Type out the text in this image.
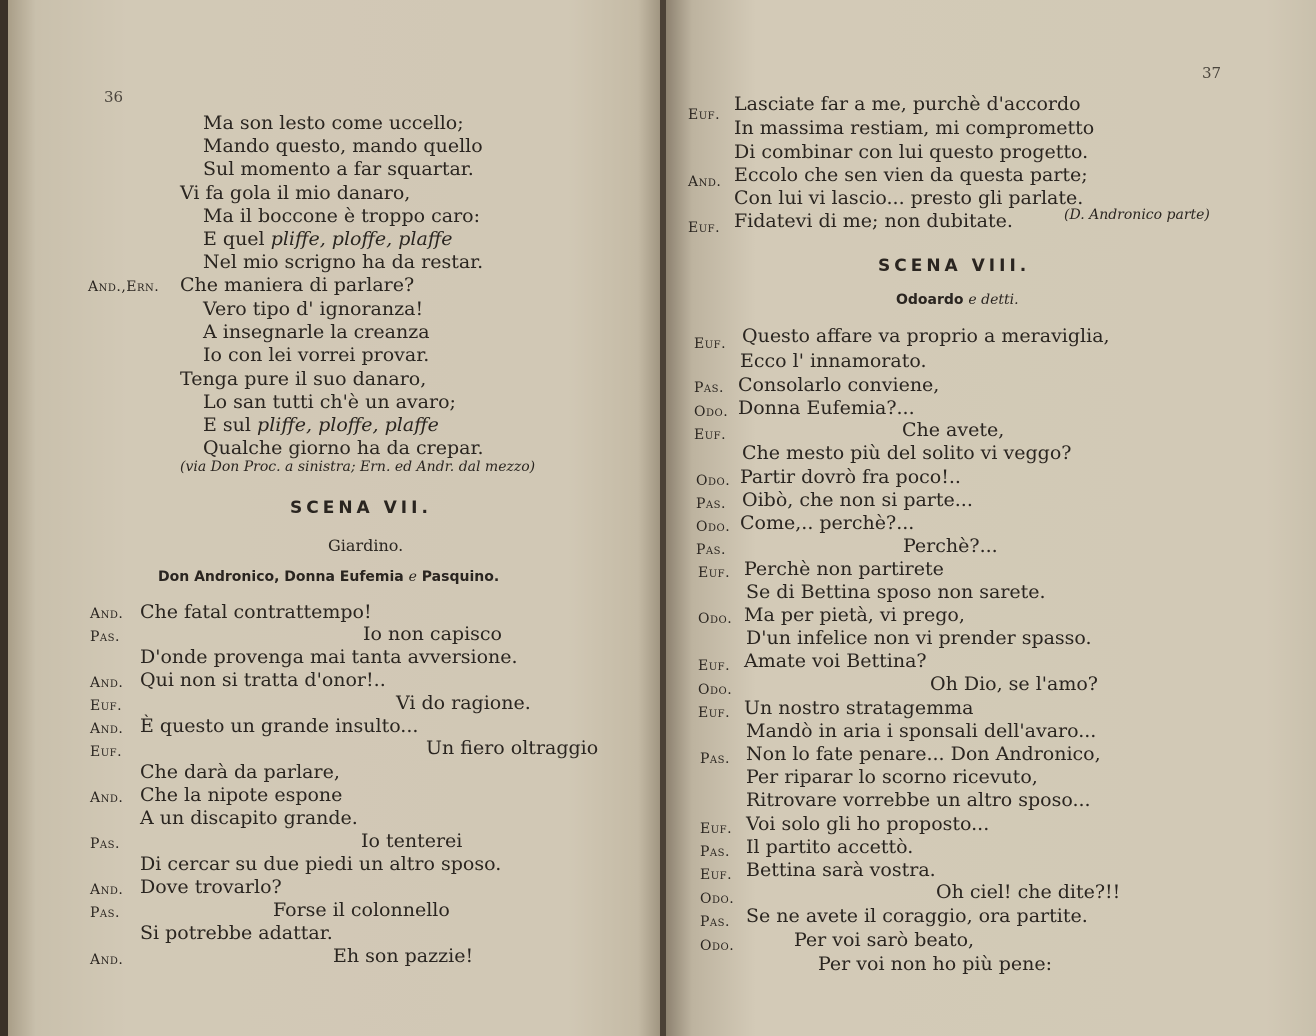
36
Ma son lesto come uccello;
Mando questo, mando quello
Sul momento a far squartar.
Vi fa gola il mio danaro,
Ma il boccone è troppo caro:
E quel pliffe, ploffe, plaffe
Nel mio scrigno ha da restar.
And.,Ern. Che maniera di parlare?
Vero tipo d' ignoranza!
A insegnarle la creanza
Io con lei vorrei provar.
Tenga pure il suo danaro,
Lo san tutti ch'è un avaro;
E sul pliffe, ploffe, plaffe
Qualche giorno ha da crepar.
(via Don Proc. a sinistra; Ern. ed Andr. dal mezzo)
SCENA VII.
Giardino.
Don Andronico, Donna Eufemia e Pasquino.
And. Che fatal contrattempo!
Pas.	Io non capisco
D'onde provenga mai tanta avversione.
And. Qui non si tratta d'onor!..
Euf.	Vi do ragione.
And. È questo un grande insulto...
Euf.	Un fiero oltraggio
Che darà da parlare,
And. Che la nipote espone
A un discapito grande.
Pas.	Io tenterei
Di cercar su due piedi un altro sposo.
And. Dove trovarlo?
Pas.	Forse il colonnello
Si potrebbe adattar.
And.	Eh son pazzie!
37
Euf. Lasciate far a me, purchè d'accordo
In massima restiam, mi comprometto
Di combinar con lui questo progetto.
And. Eccolo che sen vien da questa parte;
Con lui vi lascio... presto gli parlate.
Euf. Fidatevi di me; non dubitate.	(D. Andronico parte)
SCENA VIII.
Odoardo e detti.
Euf. Questo affare va proprio a meraviglia,
Ecco l' innamorato.
Pas. Consolarlo conviene,
Odo. Donna Eufemia?...
Euf.	Che avete,
Che mesto più del solito vi veggo?
Odo. Partir dovrò fra poco!..
Pas. Oibò, che non si parte...
Odo. Come,.. perchè?...
Pas.	Perchè?...
Euf. Perchè non partirete
Se di Bettina sposo non sarete.
Odo. Ma per pietà, vi prego,
D'un infelice non vi prender spasso.
Euf. Amate voi Bettina?
Odo.	Oh Dio, se l'amo?
Euf. Un nostro stratagemma
Mandò in aria i sponsali dell'avaro...
Pas. Non lo fate penare... Don Andronico,
Per riparar lo scorno ricevuto,
Ritrovare vorrebbe un altro sposo...
Euf. Voi solo gli ho proposto...
Pas. Il partito accettò.
Euf. Bettina sarà vostra.
Odo.	Oh ciel! che dite?!!
Pas. Se ne avete il coraggio, ora partite.
Odo.	Per voi sarò beato,
Per voi non ho più pene:
